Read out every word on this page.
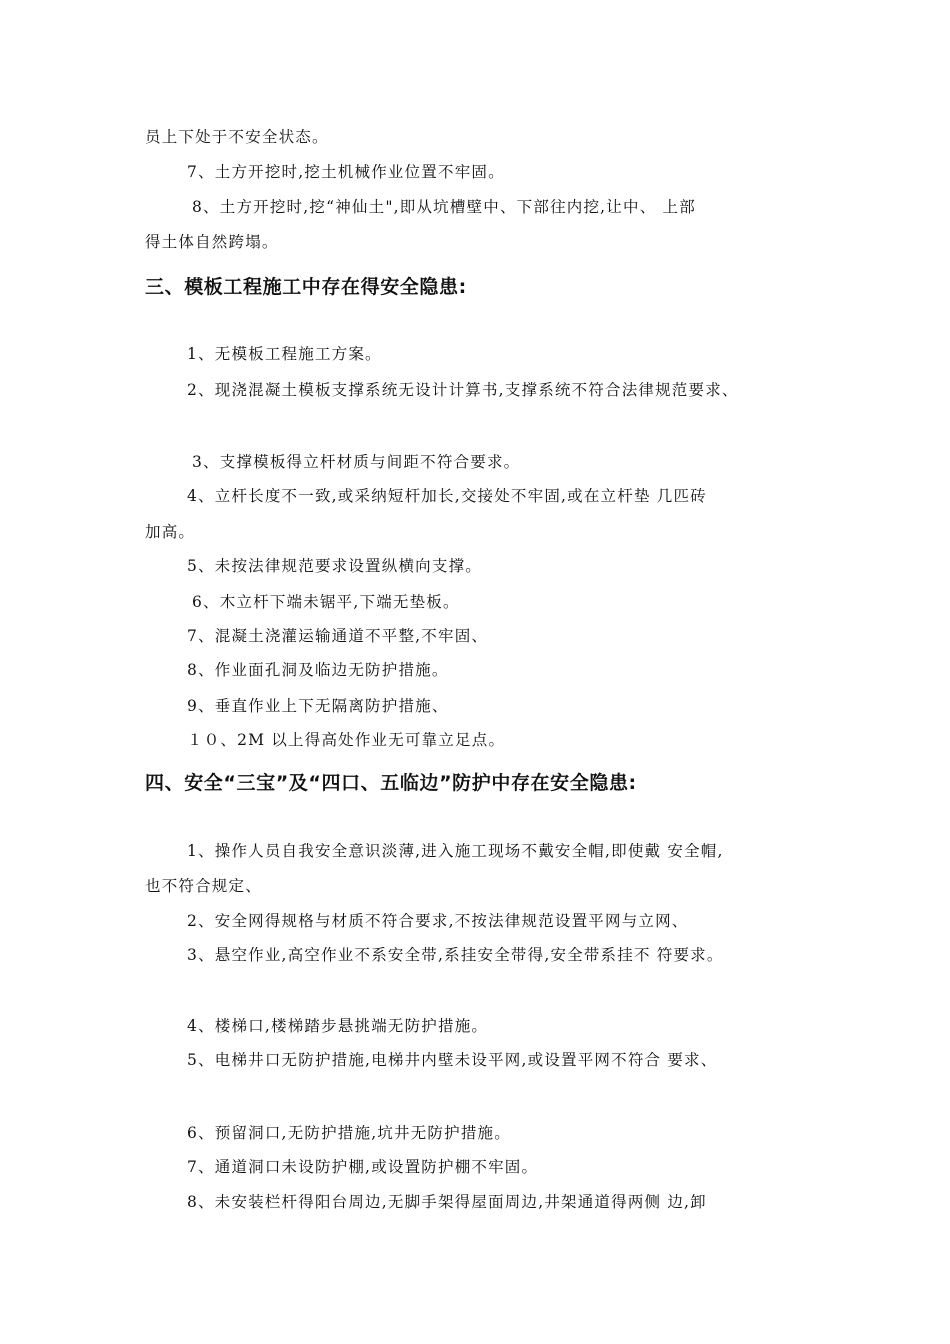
员上下处于不安全状态。
7、土方开挖时,挖土机械作业位置不牢固。
8、土方开挖时,挖“神仙土",即从坑槽壁中、下部往内挖,让中、 上部
得土体自然跨塌。
三、模板工程施工中存在得安全隐患:
1、无模板工程施工方案。
2、现浇混凝土模板支撑系统无设计计算书,支撑系统不符合法律规范要求、
3、支撑模板得立杆材质与间距不符合要求。
4、立杆长度不一致,或采纳短杆加长,交接处不牢固,或在立杆垫 几匹砖
加高。
5、未按法律规范要求设置纵横向支撑。
6、木立杆下端未锯平,下端无垫板。
7、混凝土浇灌运输通道不平整,不牢固、
8、作业面孔洞及临边无防护措施。
9、垂直作业上下无隔离防护措施、
１０、2M 以上得高处作业无可靠立足点。
四、安全“三宝”及“四口、五临边”防护中存在安全隐患:
1、操作人员自我安全意识淡薄,进入施工现场不戴安全帽,即使戴 安全帽,
也不符合规定、
2、安全网得规格与材质不符合要求,不按法律规范设置平网与立网、
3、悬空作业,高空作业不系安全带,系挂安全带得,安全带系挂不 符要求。
4、楼梯口,楼梯踏步悬挑端无防护措施。
5、电梯井口无防护措施,电梯井内壁未设平网,或设置平网不符合 要求、
6、预留洞口,无防护措施,坑井无防护措施。
7、通道洞口未设防护棚,或设置防护棚不牢固。
8、未安装栏杆得阳台周边,无脚手架得屋面周边,井架通道得两侧 边,卸
